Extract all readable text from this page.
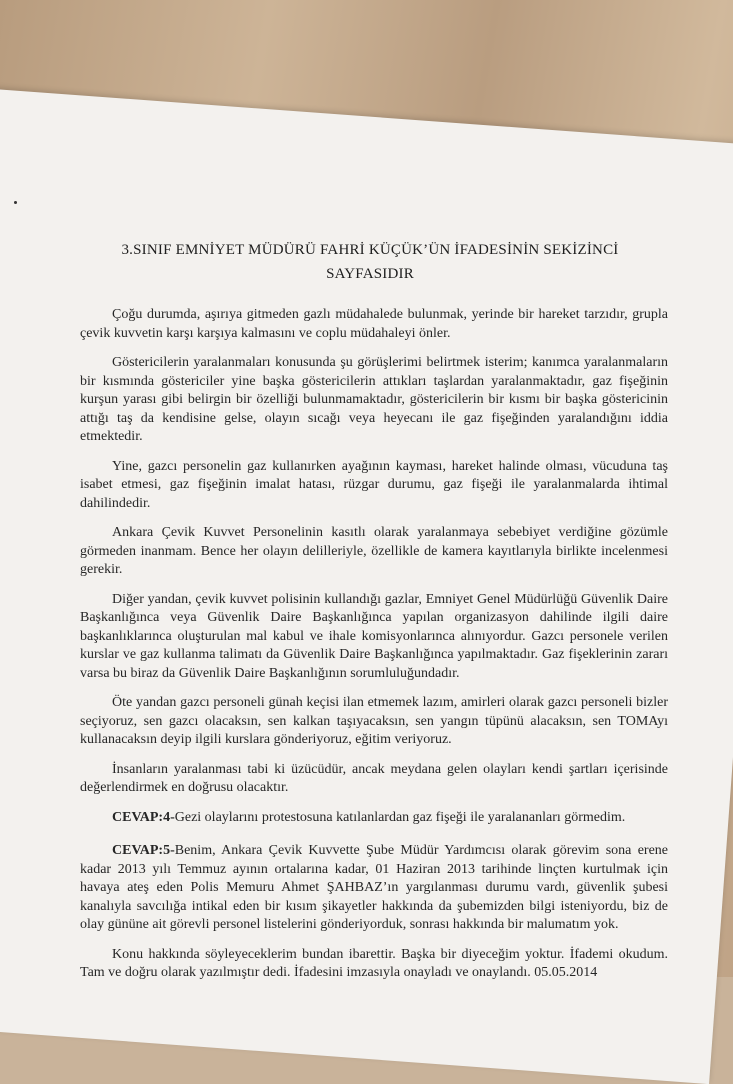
3.SINIF EMNİYET MÜDÜRÜ FAHRİ KÜÇÜK’ÜN İFADESİNİN SEKİZİNCİ
SAYFASIDIR

Çoğu durumda, aşırıya gitmeden gazlı müdahalede bulunmak, yerinde bir hareket tarzıdır, grupla çevik kuvvetin karşı karşıya kalmasını ve coplu müdahaleyi önler.

Göstericilerin yaralanmaları konusunda şu görüşlerimi belirtmek isterim; kanımca yaralanmaların bir kısmında göstericiler yine başka göstericilerin attıkları taşlardan yaralanmaktadır, gaz fişeğinin kurşun yarası gibi belirgin bir özelliği bulunmamaktadır, göstericilerin bir kısmı bir başka göstericinin attığı taş da kendisine gelse, olayın sıcağı veya heyecanı ile gaz fişeğinden yaralandığını iddia etmektedir.

Yine, gazcı personelin gaz kullanırken ayağının kayması, hareket halinde olması, vücuduna taş isabet etmesi, gaz fişeğinin imalat hatası, rüzgar durumu, gaz fişeği ile yaralanmalarda ihtimal dahilindedir.

Ankara Çevik Kuvvet Personelinin kasıtlı olarak yaralanmaya sebebiyet verdiğine gözümle görmeden inanmam. Bence her olayın delilleriyle, özellikle de kamera kayıtlarıyla birlikte incelenmesi gerekir.

Diğer yandan, çevik kuvvet polisinin kullandığı gazlar, Emniyet Genel Müdürlüğü Güvenlik Daire Başkanlığınca veya Güvenlik Daire Başkanlığınca yapılan organizasyon dahilinde ilgili daire başkanlıklarınca oluşturulan mal kabul ve ihale komisyonlarınca alınıyordur. Gazcı personele verilen kurslar ve gaz kullanma talimatı da Güvenlik Daire Başkanlığınca yapılmaktadır. Gaz fişeklerinin zararı varsa bu biraz da Güvenlik Daire Başkanlığının sorumluluğundadır.

Öte yandan gazcı personeli günah keçisi ilan etmemek lazım, amirleri olarak gazcı personeli bizler seçiyoruz, sen gazcı olacaksın, sen kalkan taşıyacaksın, sen yangın tüpünü alacaksın, sen TOMAyı kullanacaksın deyip ilgili kurslara gönderiyoruz, eğitim veriyoruz.

İnsanların yaralanması tabi ki üzücüdür, ancak meydana gelen olayları kendi şartları içerisinde değerlendirmek en doğrusu olacaktır.

CEVAP:4-Gezi olaylarını protestosuna katılanlardan gaz fişeği ile yaralananları görmedim.

CEVAP:5-Benim, Ankara Çevik Kuvvette Şube Müdür Yardımcısı olarak görevim sona erene kadar 2013 yılı Temmuz ayının ortalarına kadar, 01 Haziran 2013 tarihinde linçten kurtulmak için havaya ateş eden Polis Memuru Ahmet ŞAHBAZ’ın yargılanması durumu vardı, güvenlik şubesi kanalıyla savcılığa intikal eden bir kısım şikayetler hakkında da şubemizden bilgi isteniyordu, biz de olay gününe ait görevli personel listelerini gönderiyorduk, sonrası hakkında bir malumatım yok.

Konu hakkında söyleyeceklerim bundan ibarettir. Başka bir diyeceğim yoktur. İfademi okudum. Tam ve doğru olarak yazılmıştır dedi. İfadesini imzasıyla onayladı ve onaylandı. 05.05.2014
